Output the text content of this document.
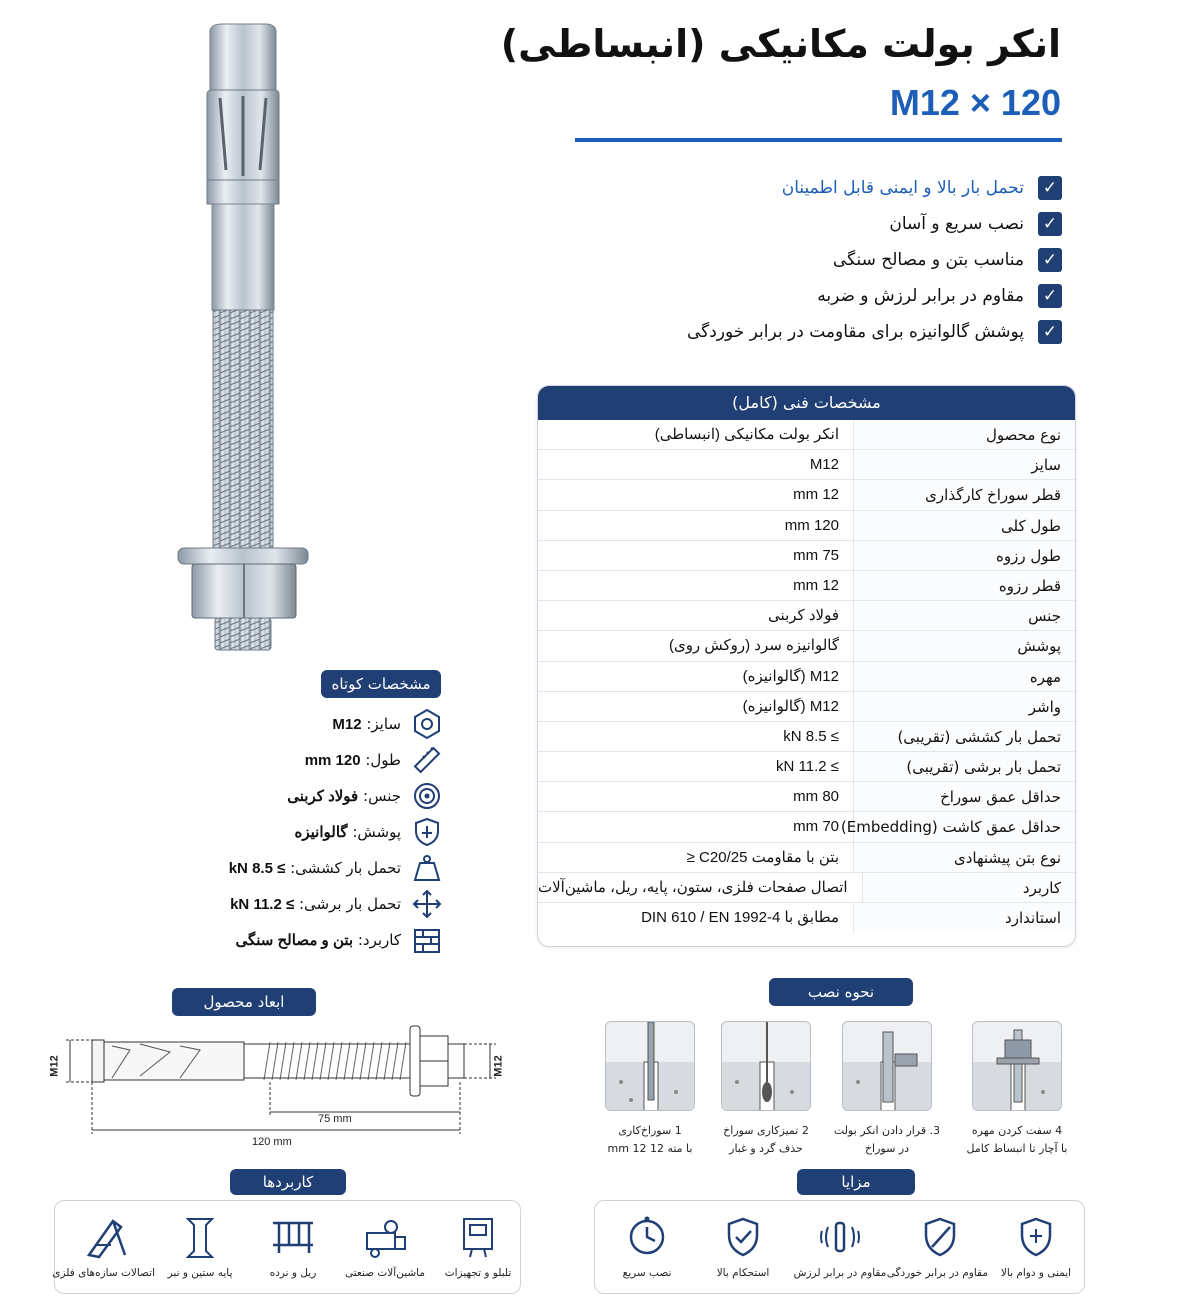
انکر بولت مکانیکی (انبساطی)
M12 × 120
✓
تحمل بار بالا و ایمنی قابل اطمینان
✓
نصب سریع و آسان
✓
مناسب بتن و مصالح سنگی
✓
مقاوم در برابر لرزش و ضربه
✓
پوشش گالوانیزه برای مقاومت در برابر خوردگی
مشخصات فنی (کامل)
نوع محصول
انکر بولت مکانیکی (انبساطی)
سایز
M12
قطر سوراخ کارگذاری
12 mm
طول کلی
120 mm
طول رزوه
75 mm
قطر رزوه
12 mm
جنس
فولاد کربنی
پوشش
گالوانیزه سرد (روکش روی)
مهره
M12 (گالوانیزه)
واشر
M12 (گالوانیزه)
تحمل بار کششی (تقریبی)
≥ 8.5 kN
تحمل بار برشی (تقریبی)
≥ 11.2 kN
حداقل عمق سوراخ
80 mm
حداقل عمق کاشت (Embedding)
70 mm
نوع بتن پیشنهادی
بتن با مقاومت C20/25 ≤
کاربرد
اتصال صفحات فلزی، ستون، پایه، ریل، ماشین‌آلات
استاندارد
مطابق با DIN 610 / EN 1992-4
مشخصات کوتاه
سایز: M12
طول: 120 mm
جنس: فولاد کربنی
پوشش: گالوانیزه
تحمل بار کششی: ≥ 8.5 kN
تحمل بار برشی: ≥ 11.2 kN
کاربرد: بتن و مصالح سنگی
ابعاد محصول
M12	M12
75 mm
120 mm
نحوه نصب
1 سوراخ‌کاری
با مته 12 mm 12
2 تمیزکاری سوراخ
حذف گرد و غبار
3. قرار دادن انکر بولت
در سوراخ
4 سفت کردن مهره
با آچار تا انبساط کامل
کاربردها
تلبلو و تجهیزات
ماشین‌آلات صنعتی
ریل و نرده
پایه ستین و نبر
اتصالات سازه‌های فلزی
مزایا
ایمنی و دوام بالا
مقاوم در برابر خوردگی
مقاوم در برابر لرزش
استحکام بالا
نصب سریع
